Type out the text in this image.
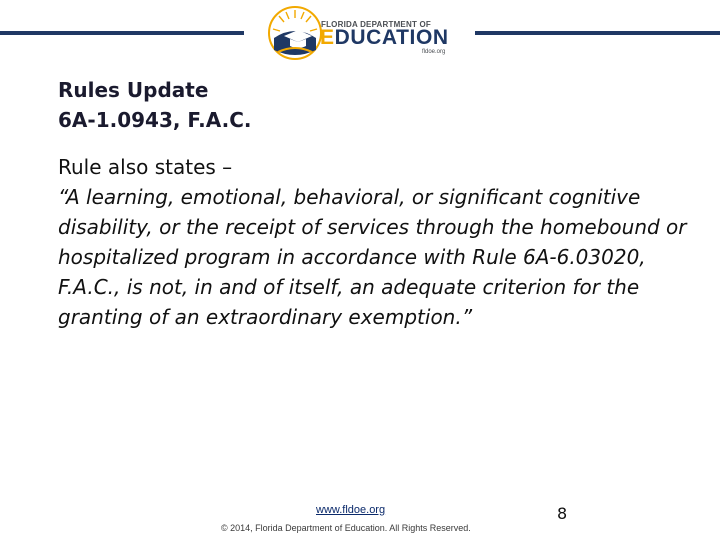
FLORIDA DEPARTMENT OF
EDUCATION
fldoe.org
Rules Update
6A-1.0943, F.A.C.
Rule also states –
“A learning, emotional, behavioral, or significant cognitive disability, or the receipt of services through the homebound or hospitalized program in accordance with Rule 6A-6.03020, F.A.C., is not, in and of itself, an adequate criterion for the granting of an extraordinary exemption.”
www.fldoe.org
© 2014, Florida Department of Education. All Rights Reserved.
8
